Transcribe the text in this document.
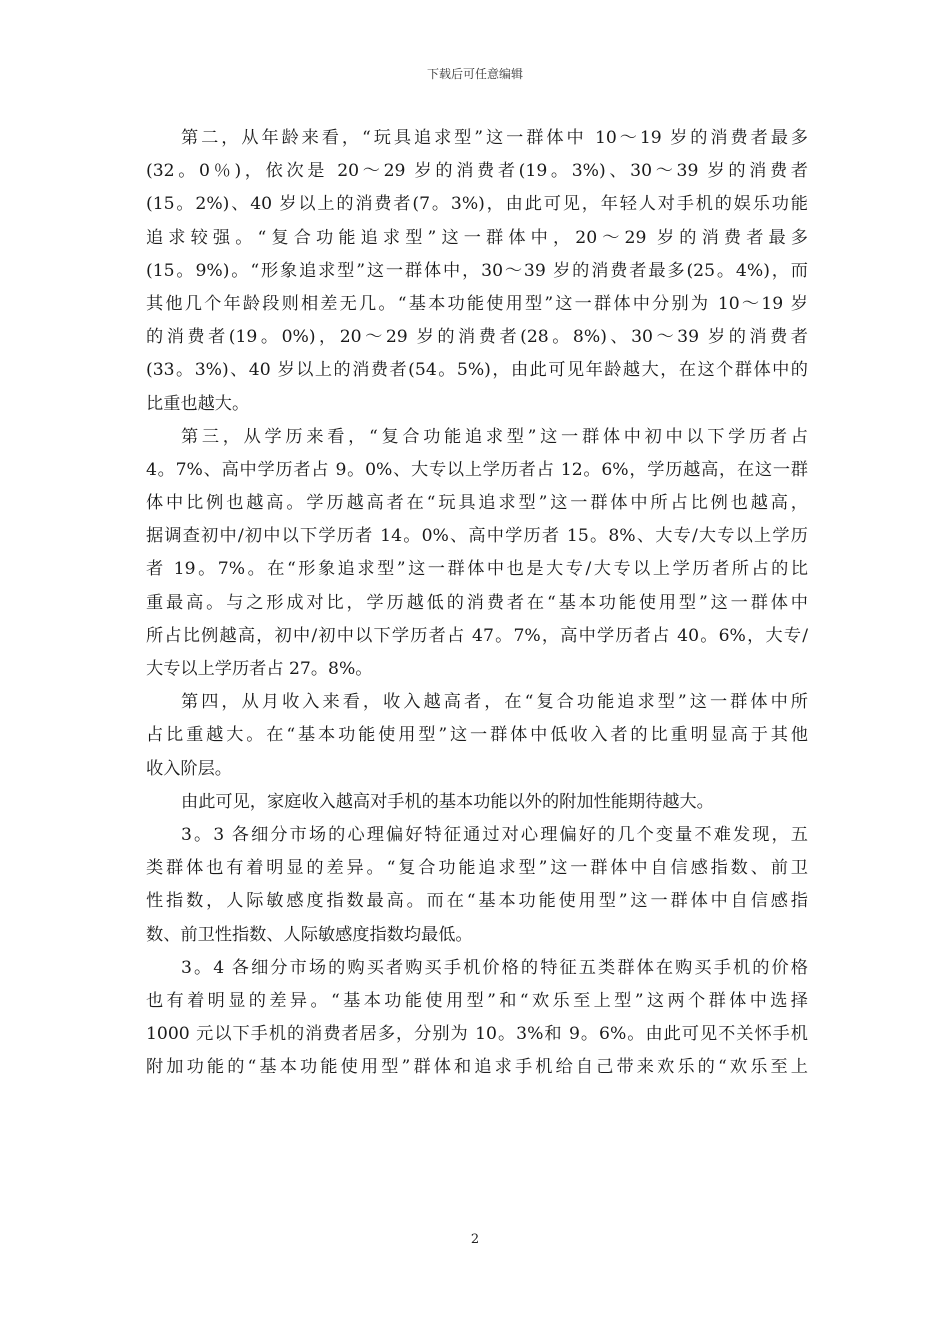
下载后可任意编辑
第二，从年龄来看，“玩具追求型”这一群体中 10～19 岁的消费者最多
(32。0％)，依次是 20～29 岁的消费者(19。3%)、30～39 岁的消费者
(15。2%)、40 岁以上的消费者(7。3%)，由此可见，年轻人对手机的娱乐功能
追求较强。“复合功能追求型”这一群体中，20～29 岁的消费者最多
(15。9%)。“形象追求型”这一群体中，30～39 岁的消费者最多(25。4%)，而
其他几个年龄段则相差无几。“基本功能使用型”这一群体中分别为 10～19 岁
的消费者(19。0%)，20～29 岁的消费者(28。8%)、30～39 岁的消费者
(33。3%)、40 岁以上的消费者(54。5%)，由此可见年龄越大，在这个群体中的
比重也越大。
第三，从学历来看，“复合功能追求型”这一群体中初中以下学历者占
4。7%、高中学历者占 9。0%、大专以上学历者占 12。6%，学历越高，在这一群
体中比例也越高。学历越高者在“玩具追求型”这一群体中所占比例也越高，
据调查初中/初中以下学历者 14。0%、高中学历者 15。8%、大专/大专以上学历
者 19。7%。在“形象追求型”这一群体中也是大专/大专以上学历者所占的比
重最高。与之形成对比，学历越低的消费者在“基本功能使用型”这一群体中
所占比例越高，初中/初中以下学历者占 47。7%，高中学历者占 40。6%，大专/
大专以上学历者占 27。8%。
第四，从月收入来看，收入越高者，在“复合功能追求型”这一群体中所
占比重越大。在“基本功能使用型”这一群体中低收入者的比重明显高于其他
收入阶层。
由此可见，家庭收入越高对手机的基本功能以外的附加性能期待越大。
3。3 各细分市场的心理偏好特征通过对心理偏好的几个变量不难发现，五
类群体也有着明显的差异。“复合功能追求型”这一群体中自信感指数、前卫
性指数，人际敏感度指数最高。而在“基本功能使用型”这一群体中自信感指
数、前卫性指数、人际敏感度指数均最低。
3。4 各细分市场的购买者购买手机价格的特征五类群体在购买手机的价格
也有着明显的差异。“基本功能使用型”和“欢乐至上型”这两个群体中选择
1000 元以下手机的消费者居多，分别为 10。3%和 9。6%。由此可见不关怀手机
附加功能的“基本功能使用型”群体和追求手机给自己带来欢乐的“欢乐至上
2
